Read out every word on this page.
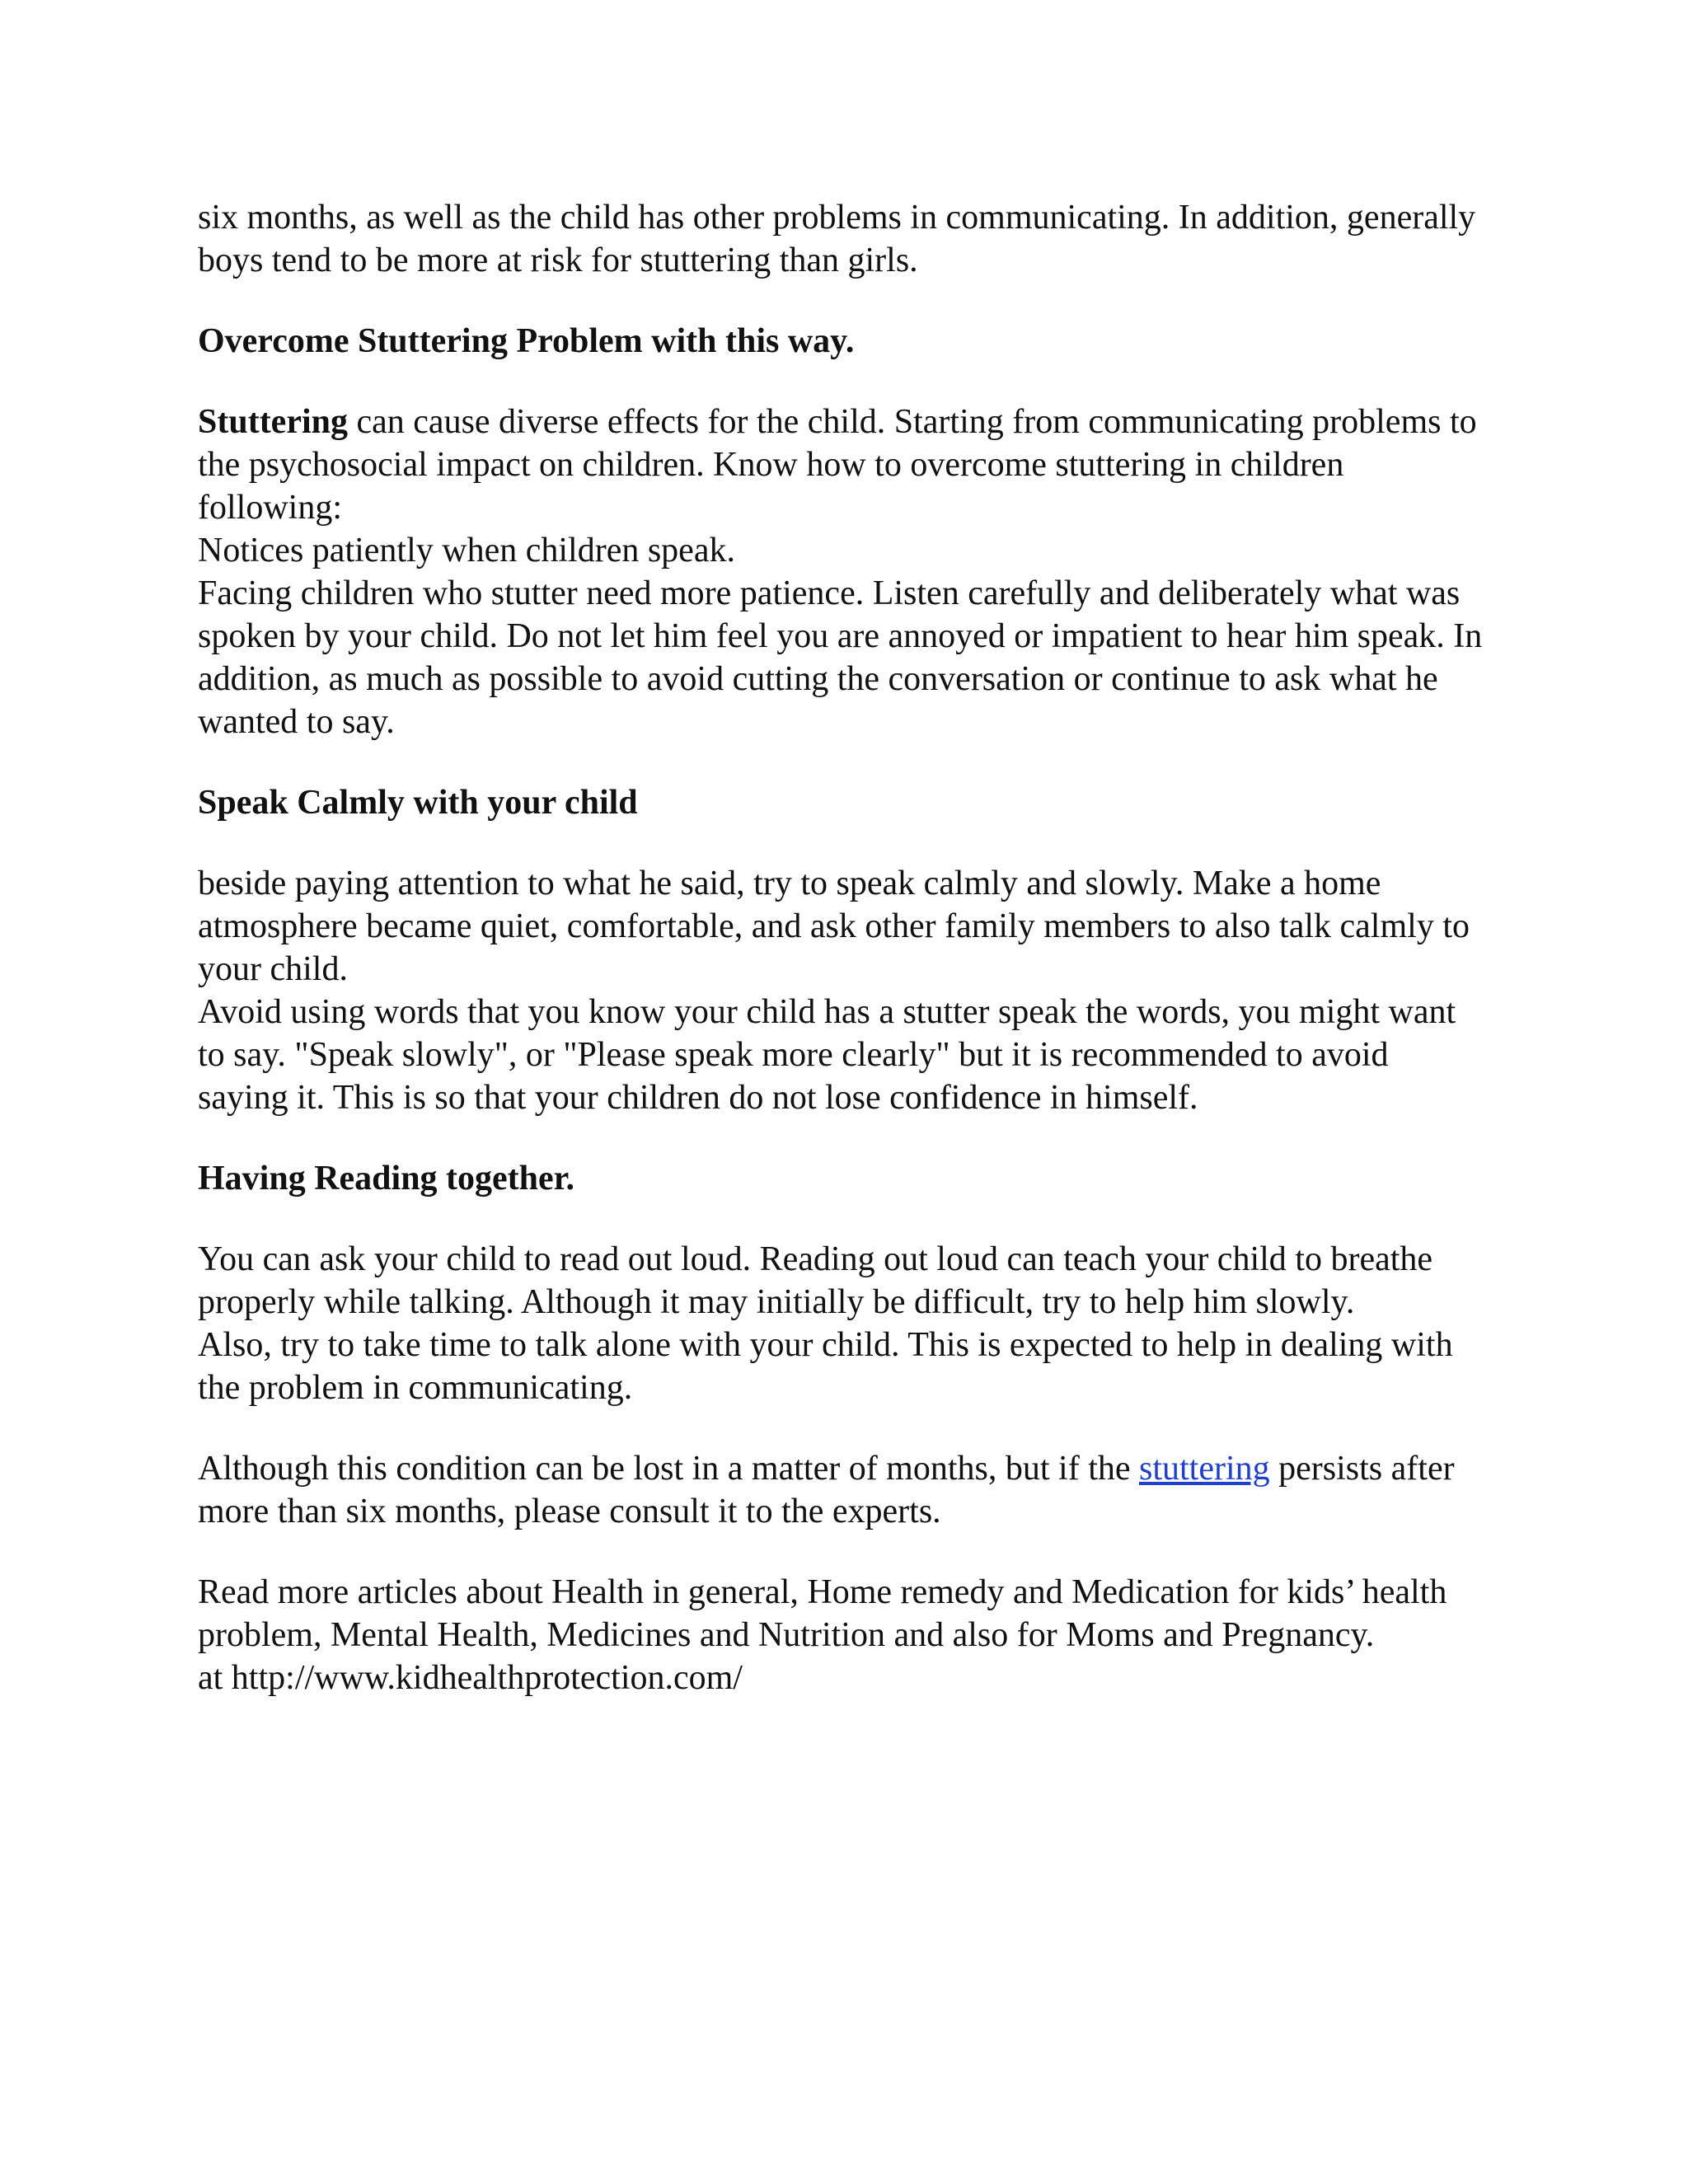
six months, as well as the child has other problems in communicating. In addition, generally boys tend to be more at risk for stuttering than girls.

Overcome Stuttering Problem with this way.

Stuttering can cause diverse effects for the child. Starting from communicating problems to the psychosocial impact on children. Know how to overcome stuttering in children following:

Notices patiently when children speak.

Facing children who stutter need more patience. Listen carefully and deliberately what was spoken by your child. Do not let him feel you are annoyed or impatient to hear him speak. In addition, as much as possible to avoid cutting the conversation or continue to ask what he wanted to say.

Speak Calmly with your child

beside paying attention to what he said, try to speak calmly and slowly. Make a home atmosphere became quiet, comfortable, and ask other family members to also talk calmly to your child.

Avoid using words that you know your child has a stutter speak the words, you might want to say. "Speak slowly", or "Please speak more clearly" but it is recommended to avoid saying it. This is so that your children do not lose confidence in himself.

Having Reading together.

You can ask your child to read out loud. Reading out loud can teach your child to breathe properly while talking. Although it may initially be difficult, try to help him slowly.

Also, try to take time to talk alone with your child. This is expected to help in dealing with the problem in communicating.

Although this condition can be lost in a matter of months, but if the stuttering persists after more than six months, please consult it to the experts.

Read more articles about Health in general, Home remedy and Medication for kids’ health problem, Mental Health, Medicines and Nutrition and also for Moms and Pregnancy.

at http://www.kidhealthprotection.com/
